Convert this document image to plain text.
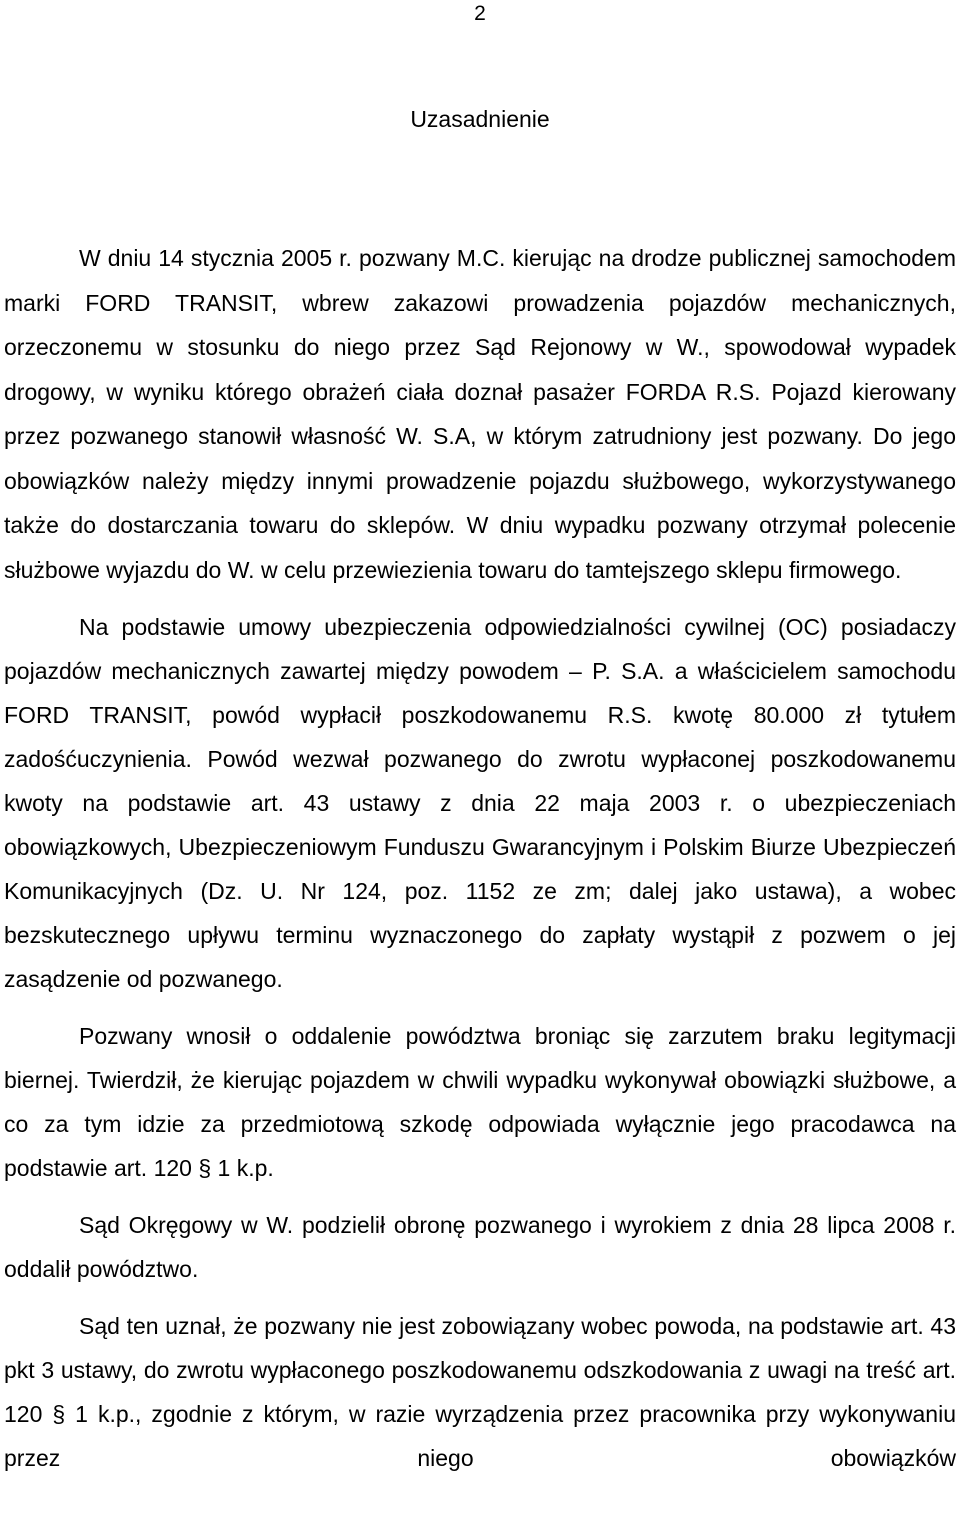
2
Uzasadnienie

W dniu 14 stycznia 2005 r. pozwany M.C. kierując na drodze publicznej samochodem marki FORD TRANSIT, wbrew zakazowi prowadzenia pojazdów mechanicznych, orzeczonemu w stosunku do niego przez Sąd Rejonowy w W., spowodował wypadek drogowy, w wyniku którego obrażeń ciała doznał pasażer FORDA R.S. Pojazd kierowany przez pozwanego stanowił własność W. S.A, w którym zatrudniony jest pozwany. Do jego obowiązków należy między innymi prowadzenie pojazdu służbowego, wykorzystywanego także do dostarczania towaru do sklepów. W dniu wypadku pozwany otrzymał polecenie służbowe wyjazdu do W. w celu przewiezienia towaru do tamtejszego sklepu firmowego.

Na podstawie umowy ubezpieczenia odpowiedzialności cywilnej (OC) posiadaczy pojazdów mechanicznych zawartej między powodem – P. S.A. a właścicielem samochodu FORD TRANSIT, powód wypłacił poszkodowanemu R.S. kwotę 80.000 zł tytułem zadośćuczynienia. Powód wezwał pozwanego do zwrotu wypłaconej poszkodowanemu kwoty na podstawie art. 43 ustawy z dnia 22 maja 2003 r. o ubezpieczeniach obowiązkowych, Ubezpieczeniowym Funduszu Gwarancyjnym i Polskim Biurze Ubezpieczeń Komunikacyjnych (Dz. U. Nr 124, poz. 1152 ze zm; dalej jako ustawa), a wobec bezskutecznego upływu terminu wyznaczonego do zapłaty wystąpił z pozwem o jej zasądzenie od pozwanego.

Pozwany wnosił o oddalenie powództwa broniąc się zarzutem braku legitymacji biernej. Twierdził, że kierując pojazdem w chwili wypadku wykonywał obowiązki służbowe, a co za tym idzie za przedmiotową szkodę odpowiada wyłącznie jego pracodawca na podstawie art. 120 § 1 k.p.

Sąd Okręgowy w W. podzielił obronę pozwanego i wyrokiem z dnia 28 lipca 2008 r. oddalił powództwo.

Sąd ten uznał, że pozwany nie jest zobowiązany wobec powoda, na podstawie art. 43 pkt 3 ustawy, do zwrotu wypłaconego poszkodowanemu odszkodowania z uwagi na treść art. 120 § 1 k.p., zgodnie z którym, w razie wyrządzenia przez pracownika przy wykonywaniu przez niego obowiązków
